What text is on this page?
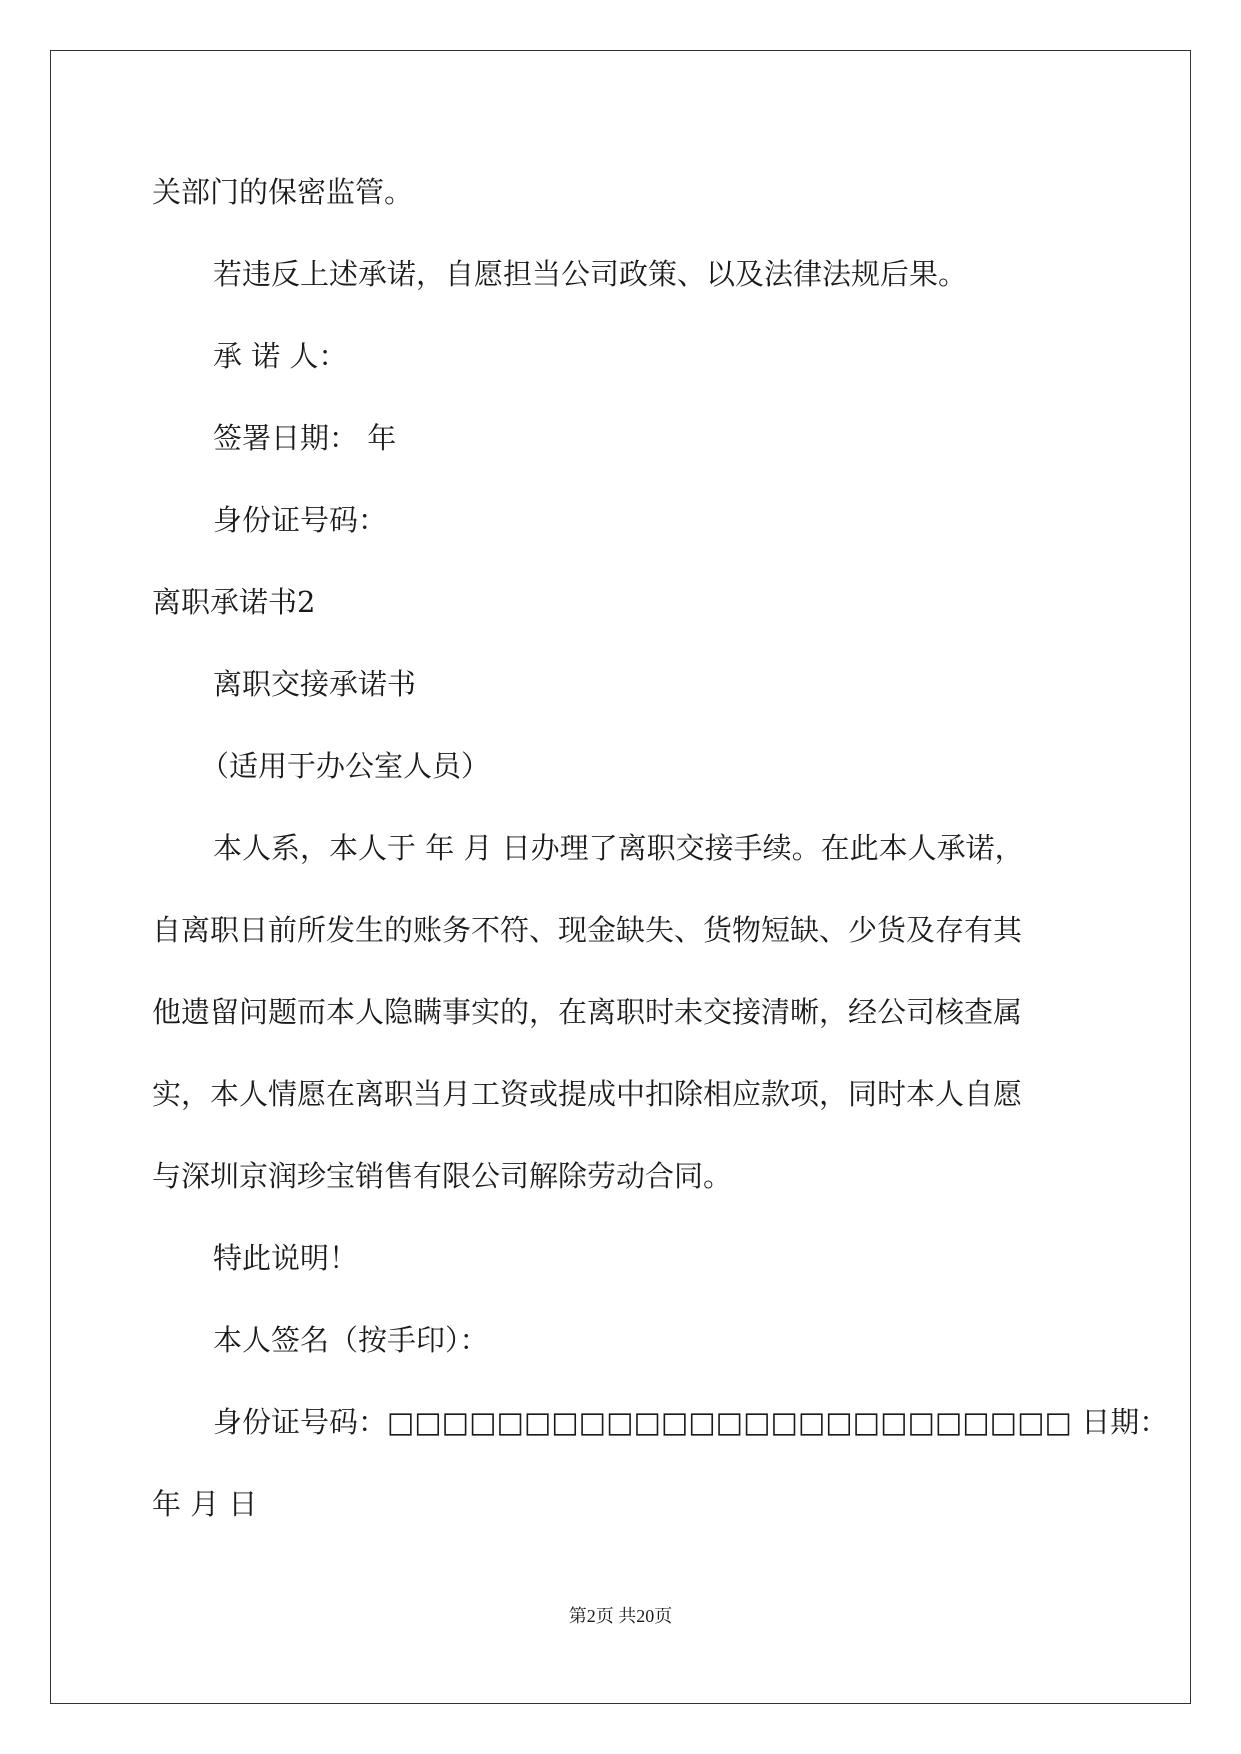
关部门的保密监管。
若违反上述承诺，自愿担当公司政策、以及法律法规后果。
承 诺 人：
签署日期： 年
身份证号码：
离职承诺书2
离职交接承诺书
（适用于办公室人员）
本人系，本人于 年 月 日办理了离职交接手续。在此本人承诺，
自离职日前所发生的账务不符、现金缺失、货物短缺、少货及存有其
他遗留问题而本人隐瞒事实的，在离职时未交接清晰，经公司核查属
实，本人情愿在离职当月工资或提成中扣除相应款项，同时本人自愿
与深圳京润珍宝销售有限公司解除劳动合同。
特此说明！
本人签名（按手印）：
身份证号码：□□□□□□□□□□□□□□□□□□□□□□□□□ 日期：
年 月 日
第2页 共20页
